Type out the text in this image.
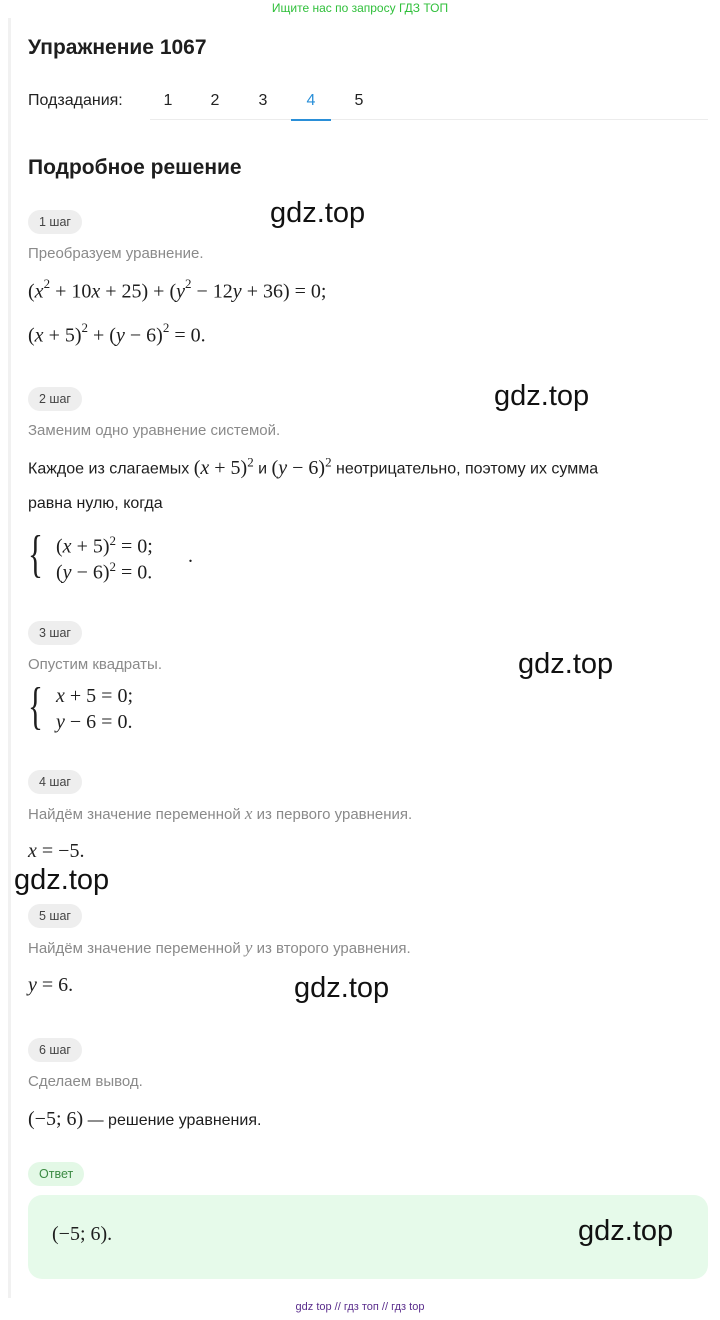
Ищите нас по запросу ГДЗ ТОП
Упражнение 1067
Подзадания:	1	2	3	4	5
Подробное решение
1 шаг	gdz.top
Преобразуем уравнение.
$(x^2 + 10x + 25) + (y^2 - 12y + 36) = 0$;
$(x + 5)^2 + (y - 6)^2 = 0$.
2 шаг	gdz.top
Заменим одно уравнение системой.
Каждое из слагаемых $(x + 5)^2$ и $(y - 6)^2$ неотрицательно, поэтому их сумма
равна нулю, когда
{ $(x + 5)^2 = 0$;
$(y - 6)^2 = 0$.
.
3 шаг
gdz.top
Опустим квадраты.
{ x + 5 = 0;
y − 6 = 0.
4 шаг
Найдём значение переменной x из первого уравнения.
x = −5.
gdz.top
5 шаг
Найдём значение переменной y из второго уравнения.
y = 6.	gdz.top
6 шаг
Сделаем вывод.
(−5; 6) — решение уравнения.
Ответ
(−5; 6).	gdz.top
gdz top // гдз топ // гдз top
